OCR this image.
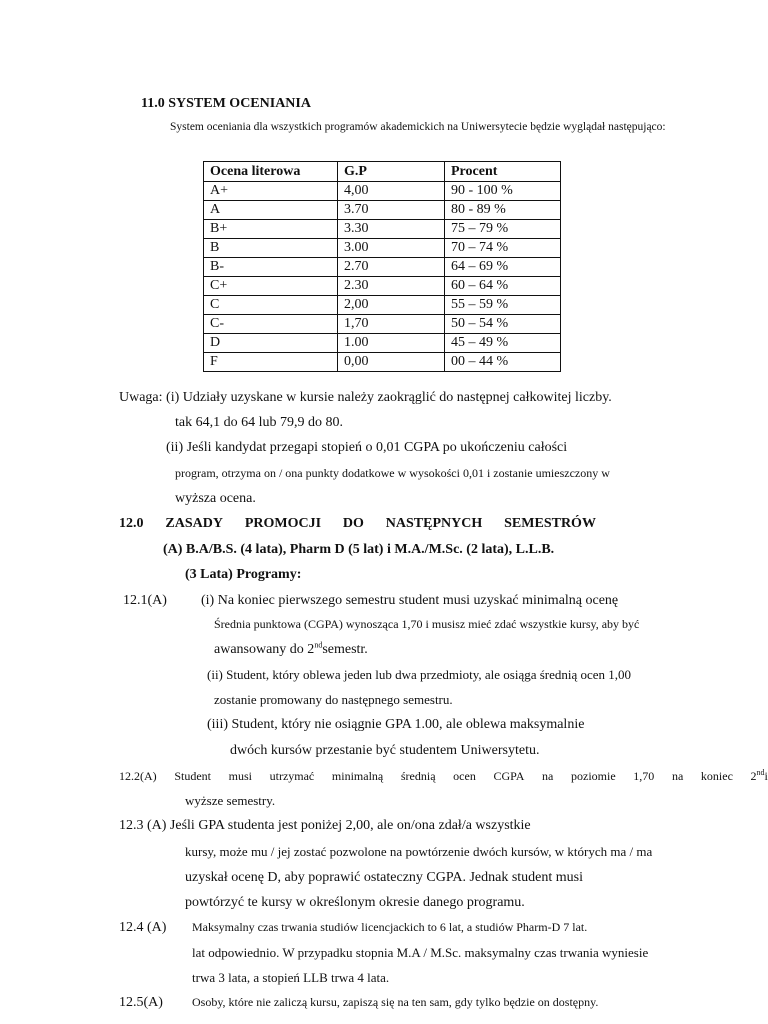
11.0 SYSTEM OCENIANIA
System oceniania dla wszystkich programów akademickich na Uniwersytecie będzie wyglądał następująco:
Ocena literowa	G.P	Procent
A+	4,00	90 - 100 %
A	3.70	80 - 89 %
B+	3.30	75 – 79 %
B	3.00	70 – 74 %
B-	2.70	64 – 69 %
C+	2.30	60 – 64 %
C	2,00	55 – 59 %
C-	1,70	50 – 54 %
D	1.00	45 – 49 %
F	0,00	00 – 44 %
Uwaga: (i) Udziały uzyskane w kursie należy zaokrąglić do następnej całkowitej liczby.
tak 64,1 do 64 lub 79,9 do 80.
(ii) Jeśli kandydat przegapi stopień o 0,01 CGPA po ukończeniu całości
program, otrzyma on / ona punkty dodatkowe w wysokości 0,01 i zostanie umieszczony w
wyższa ocena.
12.0 ZASADY PROMOCJI DO NASTĘPNYCH SEMESTRÓW
(A) B.A/B.S. (4 lata), Pharm D (5 lat) i M.A./M.Sc. (2 lata), L.L.B.
(3 Lata) Programy:
12.1(A) (i) Na koniec pierwszego semestru student musi uzyskać minimalną ocenę
Średnia punktowa (CGPA) wynosząca 1,70 i musisz mieć zdać wszystkie kursy, aby być
awansowany do 2ndsemestr.
(ii) Student, który oblewa jeden lub dwa przedmioty, ale osiąga średnią ocen 1,00
zostanie promowany do następnego semestru.
(iii) Student, który nie osiągnie GPA 1.00, ale oblewa maksymalnie
dwóch kursów przestanie być studentem Uniwersytetu.
12.2(A) Student musi utrzymać minimalną średnią ocen CGPA na poziomie 1,70 na koniec 2ndi
wyższe semestry.
12.3 (A) Jeśli GPA studenta jest poniżej 2,00, ale on/ona zdał/a wszystkie
kursy, może mu / jej zostać pozwolone na powtórzenie dwóch kursów, w których ma / ma
uzyskał ocenę D, aby poprawić ostateczny CGPA. Jednak student musi
powtórzyć te kursy w określonym okresie danego programu.
12.4 (A) Maksymalny czas trwania studiów licencjackich to 6 lat, a studiów Pharm-D 7 lat.
lat odpowiednio. W przypadku stopnia M.A / M.Sc. maksymalny czas trwania wyniesie
trwa 3 lata, a stopień LLB trwa 4 lata.
12.5(A) Osoby, które nie zaliczą kursu, zapiszą się na ten sam, gdy tylko będzie on dostępny.
